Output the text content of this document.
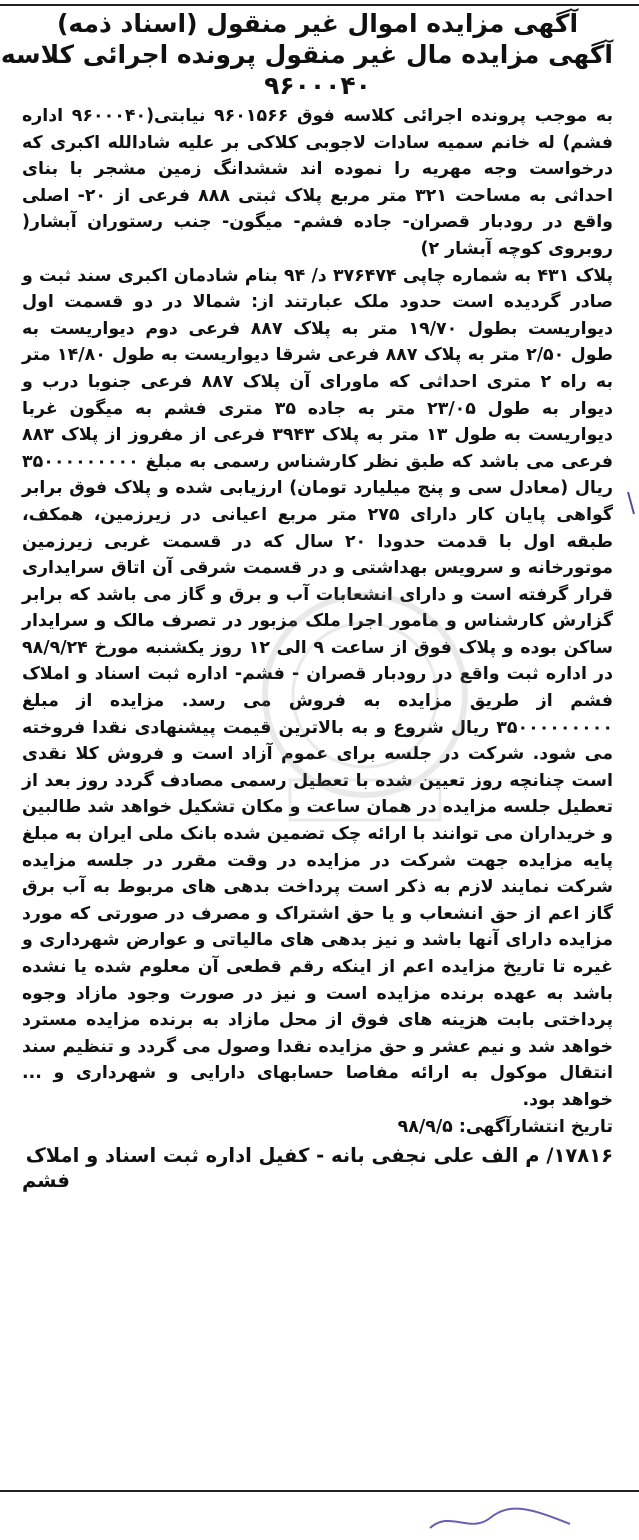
آگهی مزایده اموال غیر منقول (اسناد ذمه)
آگهی مزایده مال غیر منقول پرونده اجرائی کلاسه
۹۶۰۰۰۴۰

به موجب پرونده اجرائی کلاسه فوق ۹۶۰۱۵۶۶ نیابتی(۹۶۰۰۰۴۰ اداره فشم) له خانم سمیه سادات لاجوبی کلاکی بر علیه شادالله اکبری که درخواست وجه مهریه را نموده اند ششدانگ زمین مشجر با بنای احداثی به مساحت ۳۲۱ متر مربع پلاک ثبتی ۸۸۸ فرعی از ۲۰- اصلی واقع در رودبار قصران- جاده فشم- میگون- جنب رستوران آبشار( روبروی کوچه آبشار ۲)

پلاک ۴۳۱ به شماره چاپی ۳۷۶۴۷۴ د/ ۹۴ بنام شادمان اکبری سند ثبت و صادر گردیده است حدود ملک عبارتند از: شمالا در دو قسمت اول دیواریست بطول ۱۹/۷۰ متر به پلاک ۸۸۷ فرعی دوم دیواریست به طول ۲/۵۰ متر به پلاک ۸۸۷ فرعی شرقا دیواریست به طول ۱۴/۸۰ متر به راه ۲ متری احداثی که ماورای آن پلاک ۸۸۷ فرعی جنوبا درب و دیوار به طول ۲۳/۰۵ متر به جاده ۳۵ متری فشم به میگون غربا دیواریست به طول ۱۳ متر به پلاک ۳۹۴۳ فرعی از مفروز از پلاک ۸۸۳ فرعی می باشد که طبق نظر کارشناس رسمی به مبلغ ۳۵۰۰۰۰۰۰۰۰۰ ریال (معادل سی و پنج میلیارد تومان) ارزیابی شده و پلاک فوق برابر گواهی پایان کار دارای ۲۷۵ متر مربع اعیانی در زیرزمین، همکف، طبقه اول با قدمت حدودا ۲۰ سال که در قسمت غربی زیرزمین موتورخانه و سرویس بهداشتی و در قسمت شرقی آن اتاق سرایداری قرار گرفته است و دارای انشعابات آب و برق و گاز می باشد که برابر گزارش کارشناس و مامور اجرا ملک مزبور در تصرف مالک و سرایدار ساکن بوده و پلاک فوق از ساعت ۹ الی ۱۲ روز یکشنبه مورخ ۹۸/۹/۲۴ در اداره ثبت واقع در رودبار قصران - فشم- اداره ثبت اسناد و املاک فشم از طریق مزایده به فروش می رسد. مزایده از مبلغ ۳۵۰۰۰۰۰۰۰۰۰ ریال شروع و به بالاترین قیمت پیشنهادی نقدا فروخته می شود. شرکت در جلسه برای عموم آزاد است و فروش کلا نقدی است چنانچه روز تعیین شده با تعطیل رسمی مصادف گردد روز بعد از تعطیل جلسه مزایده در همان ساعت و مکان تشکیل خواهد شد طالبین و خریداران می توانند با ارائه چک تضمین شده بانک ملی ایران به مبلغ پایه مزایده جهت شرکت در مزایده در وقت مقرر در جلسه مزایده شرکت نمایند لازم به ذکر است پرداخت بدهی های مربوط به آب برق گاز اعم از حق انشعاب و یا حق اشتراک و مصرف در صورتی که مورد مزایده دارای آنها باشد و نیز بدهی های مالیاتی و عوارض شهرداری و غیره تا تاریخ مزایده اعم از اینکه رقم قطعی آن معلوم شده یا نشده باشد به عهده برنده مزایده است و نیز در صورت وجود مازاد وجوه پرداختی بابت هزینه های فوق از محل مازاد به برنده مزایده مسترد خواهد شد و نیم عشر و حق مزایده نقدا وصول می گردد و تنظیم سند انتقال موکول به ارائه مفاصا حسابهای دارایی و شهرداری و ... خواهد بود.

تاریخ انتشارآگهی: ۹۸/۹/۵
۱۷۸۱۶/ م الف علی نجفی بانه - کفیل اداره ثبت اسناد و املاک
فشم
